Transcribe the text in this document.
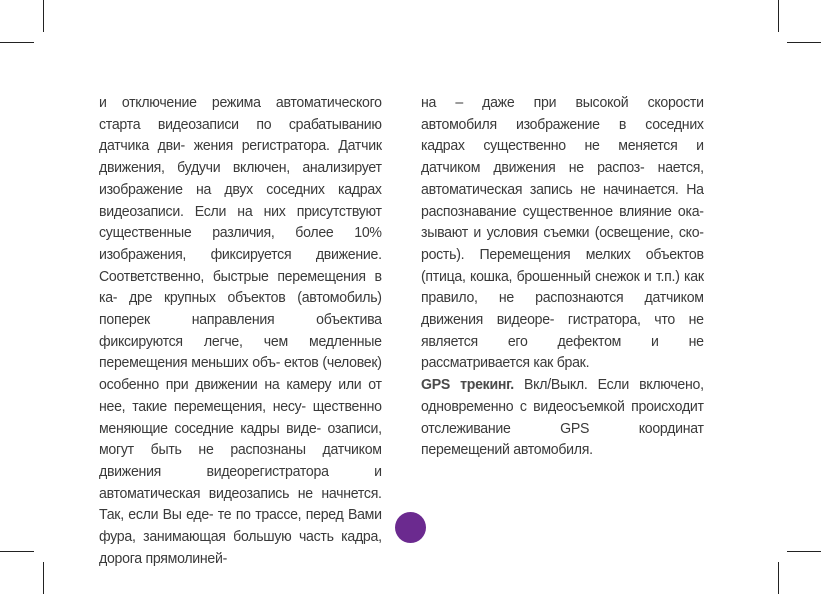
и отключение режима автоматического старта видеозаписи по срабатыванию датчика дви- жения регистратора. Датчик движения, будучи включен, анализирует изображение на двух соседних кадрах видеозаписи. Если на них присутствуют существенные различия, более 10% изображения, фиксируется движение. Соответственно, быстрые перемещения в ка- дре крупных объектов (автомобиль) поперек направления объектива фиксируются легче, чем медленные перемещения меньших объ- ектов (человек) особенно при движении на камеру или от нее, такие перемещения, несу- щественно меняющие соседние кадры виде- озаписи, могут быть не распознаны датчиком движения видеорегистратора и автоматическая видеозапись не начнется. Так, если Вы еде- те по трассе, перед Вами фура, занимающая большую часть кадра, дорога прямолиней-

на – даже при высокой скорости автомобиля изображение в соседних кадрах существенно не меняется и датчиком движения не распоз- нается, автоматическая запись не начинается. На распознавание существенное влияние ока- зывают и условия съемки (освещение, ско- рость). Перемещения мелких объектов (птица, кошка, брошенный снежок и т.п.) как правило, не распознаются датчиком движения видеоре- гистратора, что не является его дефектом и не рассматривается как брак.

GPS трекинг. Вкл/Выкл. Если включено, одновременно с видеосъемкой происходит отслеживание GPS координат перемещений автомобиля.
